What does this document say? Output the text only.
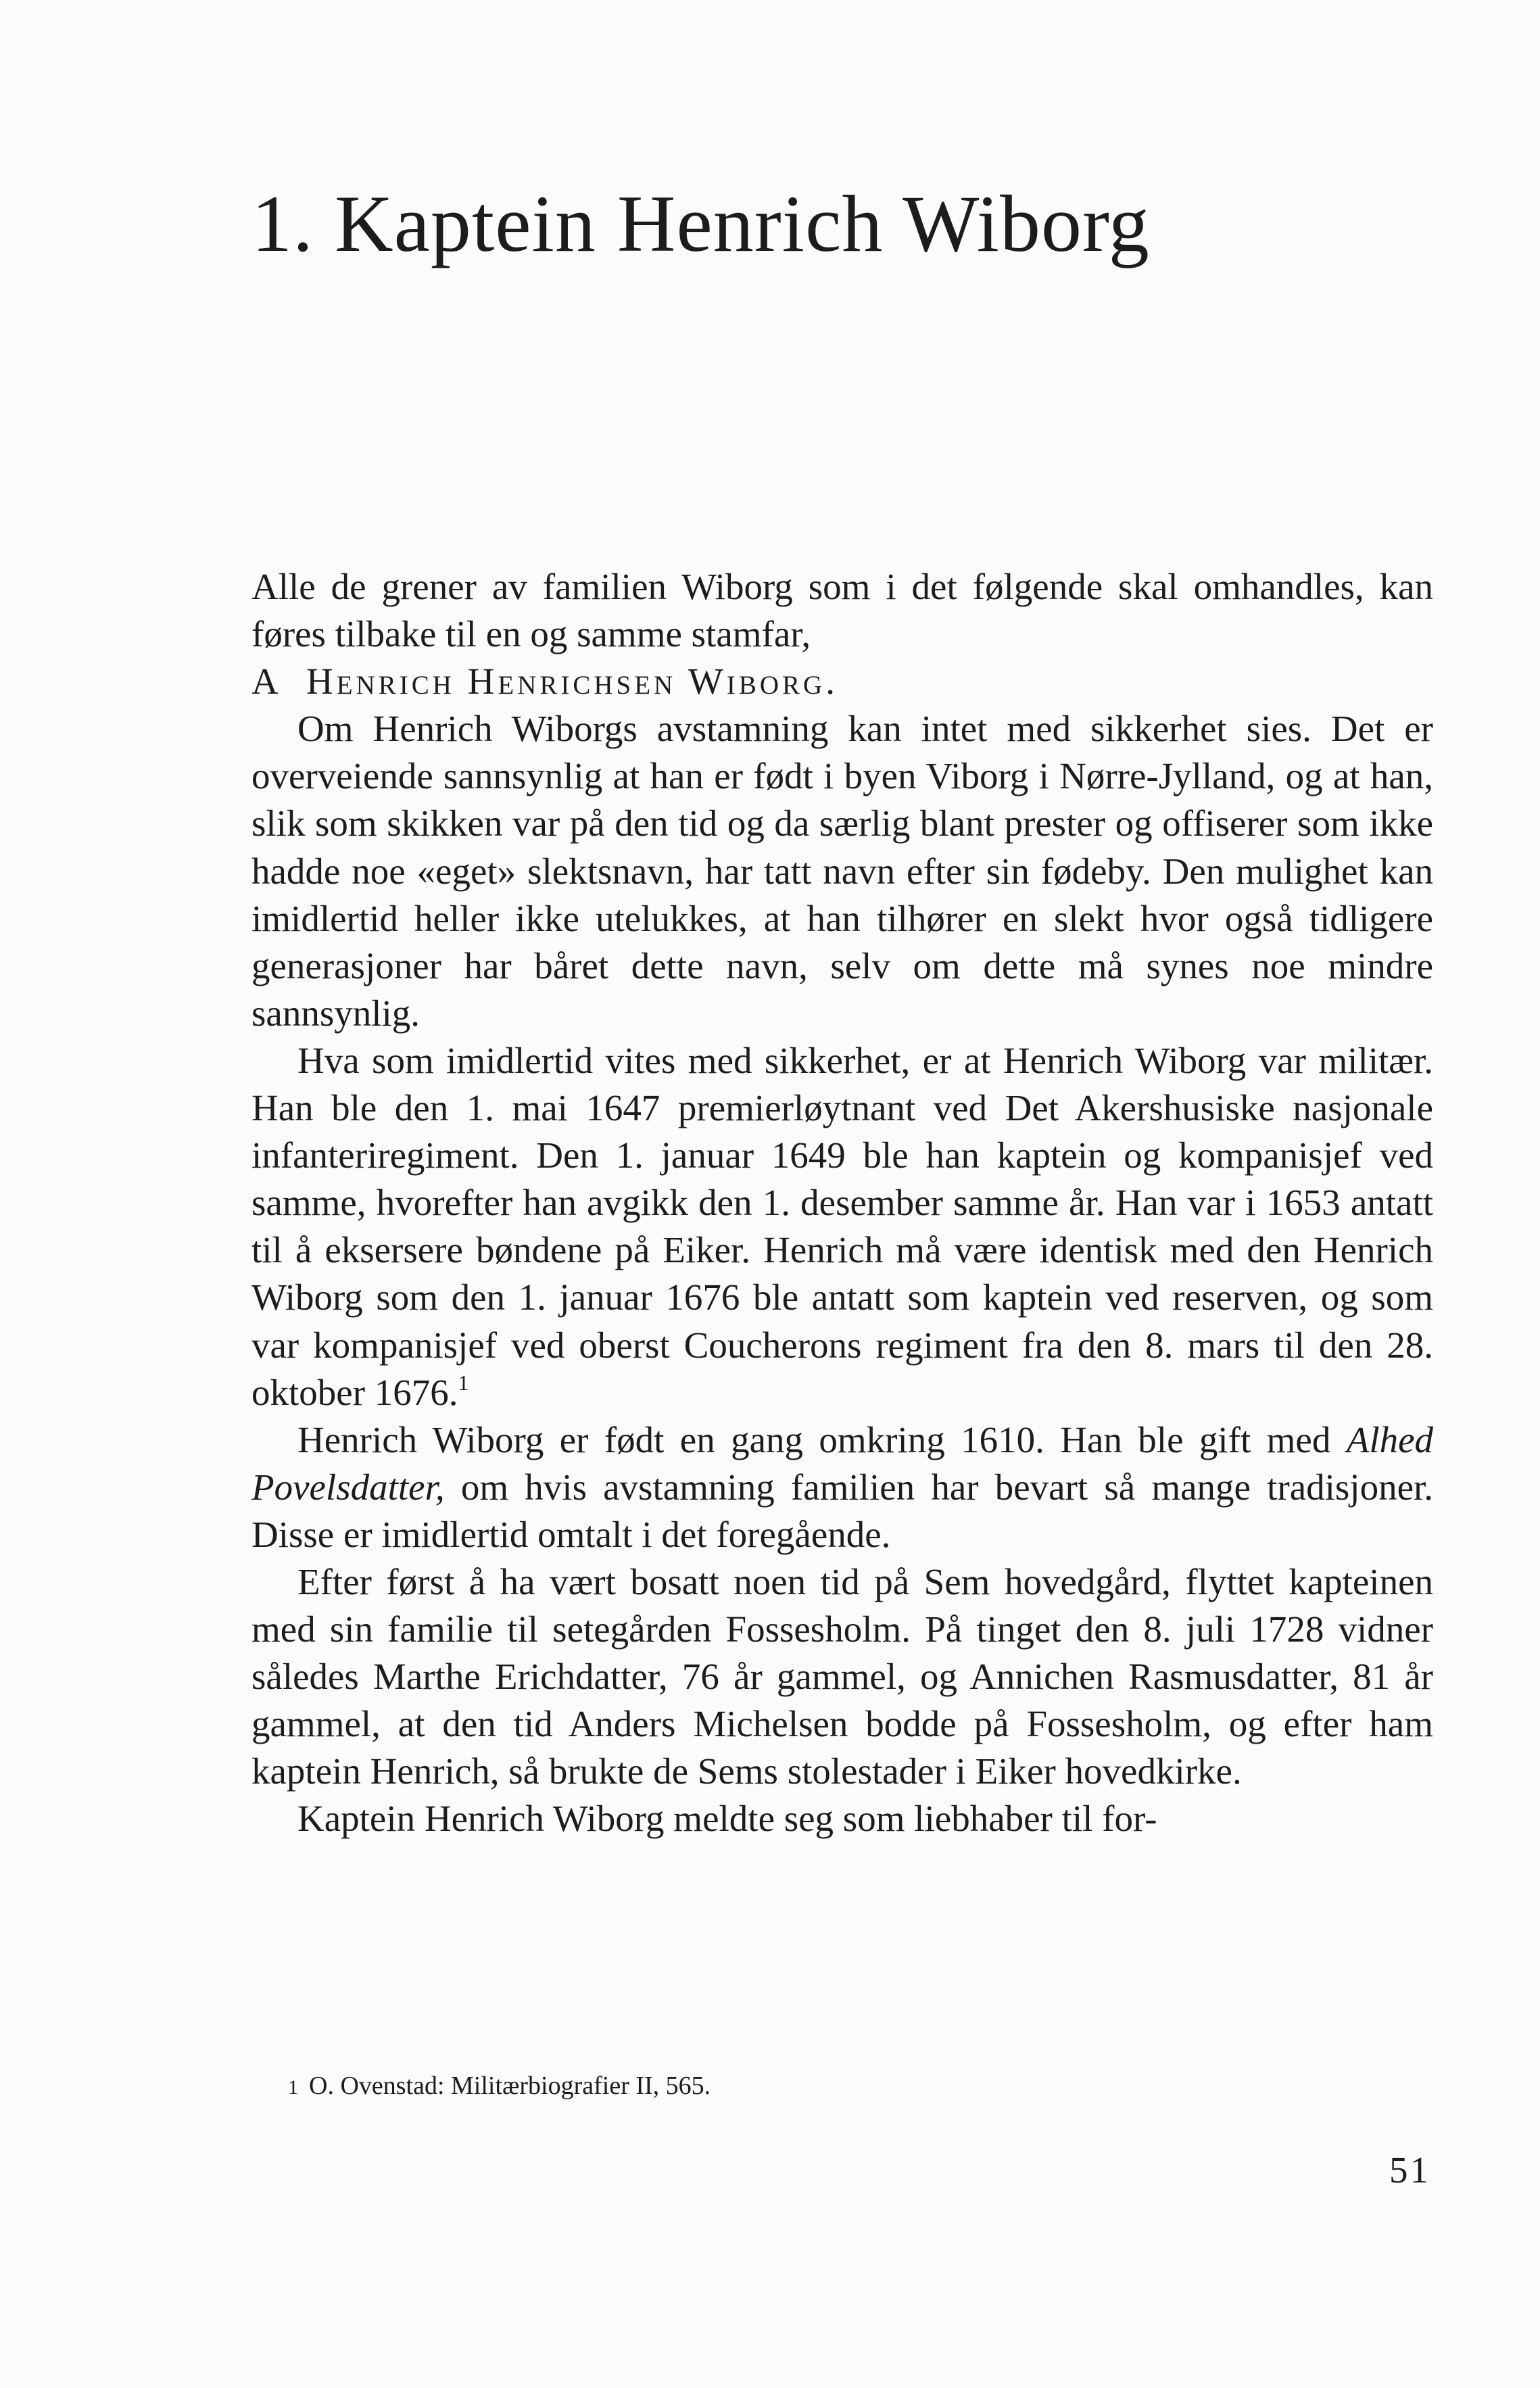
1. Kaptein Henrich Wiborg

Alle de grener av familien Wiborg som i det følgende skal omhandles, kan føres tilbake til en og samme stamfar,
A Henrich Henrichsen Wiborg.

Om Henrich Wiborgs avstamning kan intet med sikkerhet sies. Det er overveiende sannsynlig at han er født i byen Viborg i Nørre-Jylland, og at han, slik som skikken var på den tid og da særlig blant prester og offiserer som ikke hadde noe «eget» slektsnavn, har tatt navn efter sin fødeby. Den mulighet kan imidlertid heller ikke utelukkes, at han tilhører en slekt hvor også tidligere generasjoner har båret dette navn, selv om dette må synes noe mindre sannsynlig.

Hva som imidlertid vites med sikkerhet, er at Henrich Wiborg var militær. Han ble den 1. mai 1647 premierløytnant ved Det Akershusiske nasjonale infanteriregiment. Den 1. januar 1649 ble han kaptein og kompanisjef ved samme, hvorefter han avgikk den 1. desember samme år. Han var i 1653 antatt til å eksersere bøndene på Eiker. Henrich må være identisk med den Henrich Wiborg som den 1. januar 1676 ble antatt som kaptein ved reserven, og som var kompanisjef ved oberst Coucherons regiment fra den 8. mars til den 28. oktober 1676.$^1$

Henrich Wiborg er født en gang omkring 1610. Han ble gift med Alhed Povelsdatter, om hvis avstamning familien har bevart så mange tradisjoner. Disse er imidlertid omtalt i det foregående.

Efter først å ha vært bosatt noen tid på Sem hovedgård, flyttet kapteinen med sin familie til setegården Fossesholm. På tinget den 8. juli 1728 vidner således Marthe Erichdatter, 76 år gammel, og Annichen Rasmusdatter, 81 år gammel, at den tid Anders Michelsen bodde på Fossesholm, og efter ham kaptein Henrich, så brukte de Sems stolestader i Eiker hovedkirke.

Kaptein Henrich Wiborg meldte seg som liebhaber til for-

1 O. Ovenstad: Militærbiografier II, 565.

51
